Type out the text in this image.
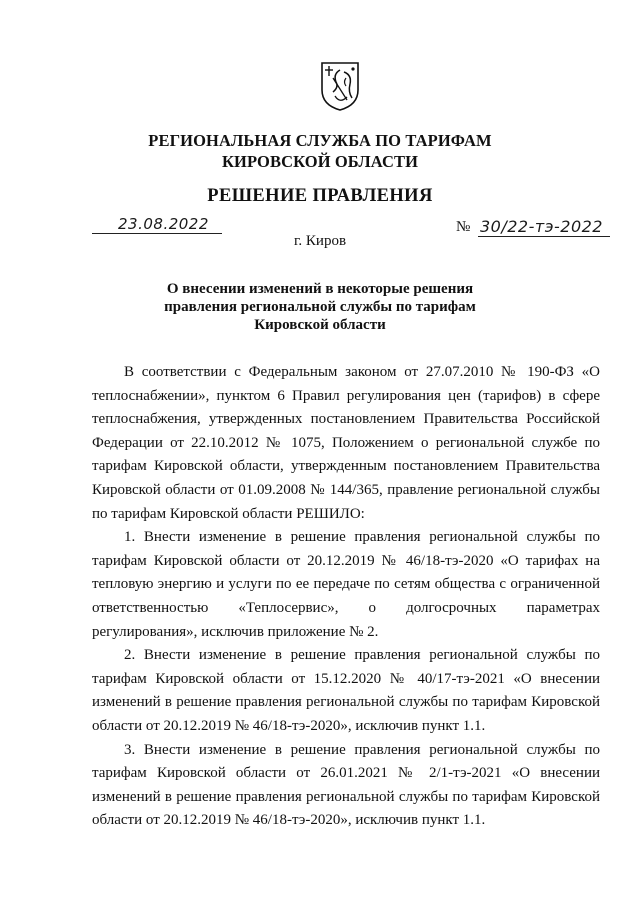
РЕГИОНАЛЬНАЯ СЛУЖБА ПО ТАРИФАМ
КИРОВСКОЙ ОБЛАСТИ
РЕШЕНИЕ ПРАВЛЕНИЯ
23.08.2022	№ 30/22-тэ-2022
г. Киров
О внесении изменений в некоторые решения
правления региональной службы по тарифам
Кировской области

В соответствии с Федеральным законом от 27.07.2010 № 190-ФЗ «О теплоснабжении», пунктом 6 Правил регулирования цен (тарифов) в сфере теплоснабжения, утвержденных постановлением Правительства Российской Федерации от 22.10.2012 № 1075, Положением о региональной службе по тарифам Кировской области, утвержденным постановлением Правительства Кировской области от 01.09.2008 № 144/365, правление региональной службы по тарифам Кировской области РЕШИЛО:

1. Внести изменение в решение правления региональной службы по тарифам Кировской области от 20.12.2019 № 46/18-тэ-2020 «О тарифах на тепловую энергию и услуги по ее передаче по сетям общества с ограниченной ответственностью «Теплосервис», о долгосрочных параметрах регулирования», исключив приложение № 2.

2. Внести изменение в решение правления региональной службы по тарифам Кировской области от 15.12.2020 № 40/17-тэ-2021 «О внесении изменений в решение правления региональной службы по тарифам Кировской области от 20.12.2019 № 46/18-тэ-2020», исключив пункт 1.1.

3. Внести изменение в решение правления региональной службы по тарифам Кировской области от 26.01.2021 № 2/1-тэ-2021 «О внесении изменений в решение правления региональной службы по тарифам Кировской области от 20.12.2019 № 46/18-тэ-2020», исключив пункт 1.1.
